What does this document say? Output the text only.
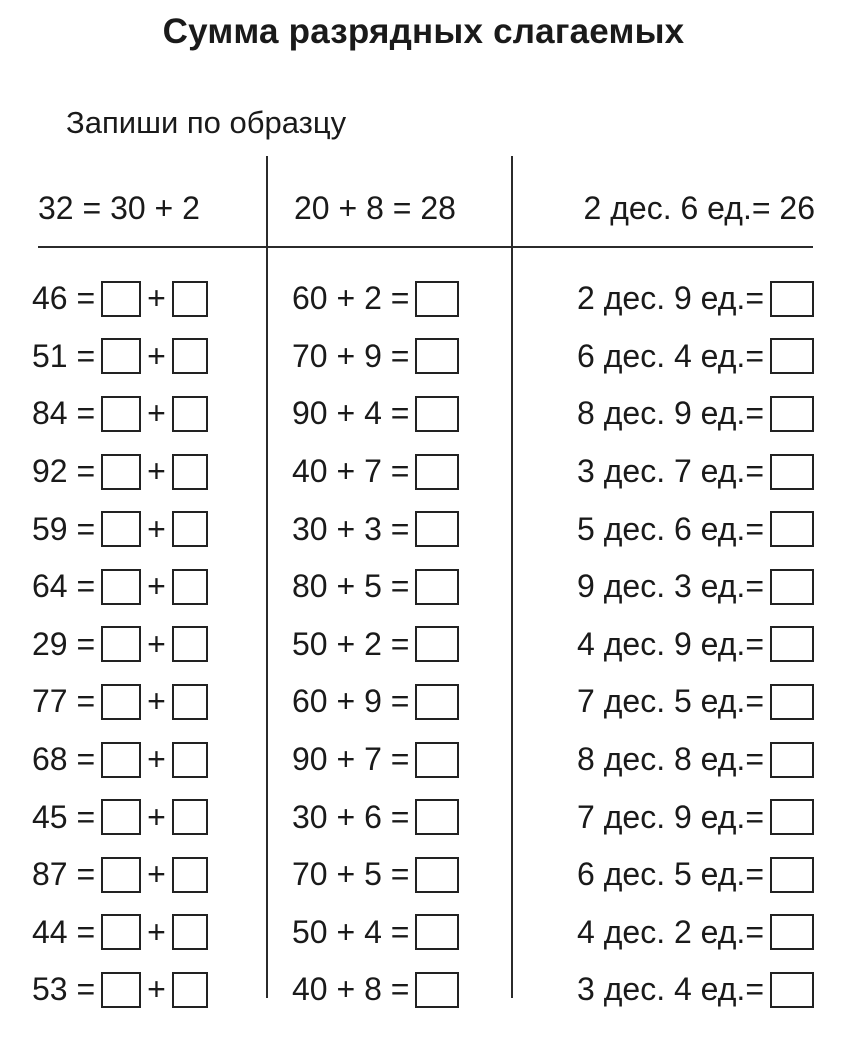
Сумма разрядных слагаемых
Запиши по образцу
32 = 30 + 2	20 + 8 = 28	2 дес. 6 ед.= 26
46 = +
51 = +
84 = +
92 = +
59 = +
64 = +
29 = +
77 = +
68 = +
45 = +
87 = +
44 = +
53 = +
60 + 2 =
70 + 9 =
90 + 4 =
40 + 7 =
30 + 3 =
80 + 5 =
50 + 2 =
60 + 9 =
90 + 7 =
30 + 6 =
70 + 5 =
50 + 4 =
40 + 8 =
2 дес. 9 ед.=
6 дес. 4 ед.=
8 дес. 9 ед.=
3 дес. 7 ед.=
5 дес. 6 ед.=
9 дес. 3 ед.=
4 дес. 9 ед.=
7 дес. 5 ед.=
8 дес. 8 ед.=
7 дес. 9 ед.=
6 дес. 5 ед.=
4 дес. 2 ед.=
3 дес. 4 ед.=
